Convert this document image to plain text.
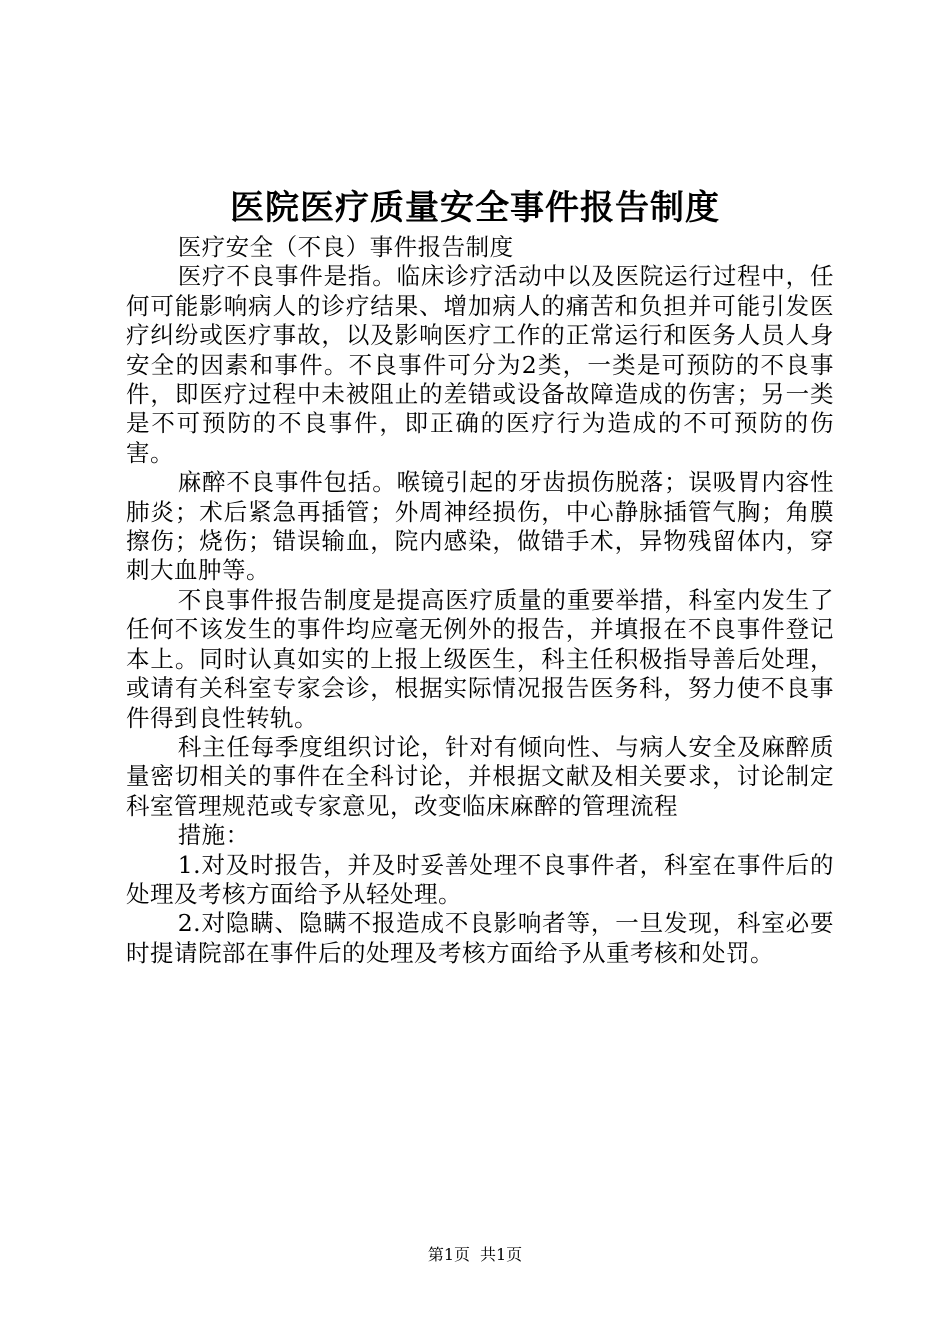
医院医疗质量安全事件报告制度

医疗安全（不良）事件报告制度

医疗不良事件是指。临床诊疗活动中以及医院运行过程中，任何可能影响病人的诊疗结果、增加病人的痛苦和负担并可能引发医疗纠纷或医疗事故，以及影响医疗工作的正常运行和医务人员人身安全的因素和事件。不良事件可分为2类，一类是可预防的不良事件，即医疗过程中未被阻止的差错或设备故障造成的伤害；另一类是不可预防的不良事件，即正确的医疗行为造成的不可预防的伤害。

麻醉不良事件包括。喉镜引起的牙齿损伤脱落；误吸胃内容性肺炎；术后紧急再插管；外周神经损伤，中心静脉插管气胸；角膜擦伤；烧伤；错误输血，院内感染，做错手术，异物残留体内，穿刺大血肿等。

不良事件报告制度是提高医疗质量的重要举措，科室内发生了任何不该发生的事件均应毫无例外的报告，并填报在不良事件登记本上。同时认真如实的上报上级医生，科主任积极指导善后处理，或请有关科室专家会诊，根据实际情况报告医务科，努力使不良事件得到良性转轨。

科主任每季度组织讨论，针对有倾向性、与病人安全及麻醉质量密切相关的事件在全科讨论，并根据文献及相关要求，讨论制定科室管理规范或专家意见，改变临床麻醉的管理流程

措施：

1.对及时报告，并及时妥善处理不良事件者，科室在事件后的处理及考核方面给予从轻处理。

2.对隐瞒、隐瞒不报造成不良影响者等，一旦发现，科室必要时提请院部在事件后的处理及考核方面给予从重考核和处罚。

第1页 共1页
